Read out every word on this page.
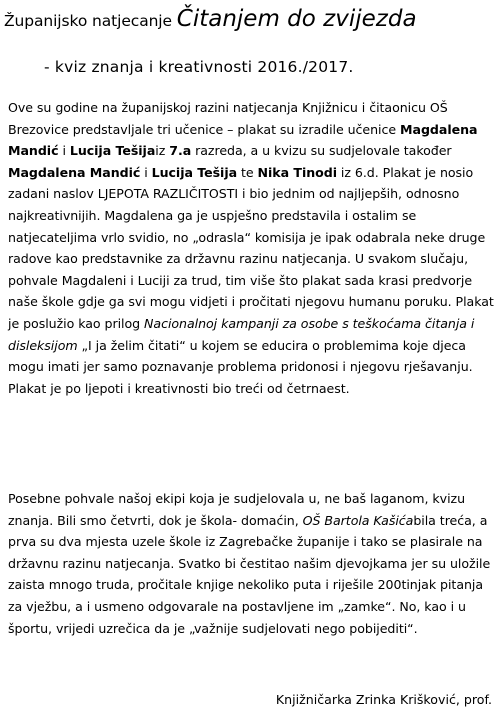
Županijsko natjecanje Čitanjem do zvijezda
- kviz znanja i kreativnosti 2016./2017.

Ove su godine na županijskoj razini natjecanja Knjižnicu i čitaonicu OŠ Brezovice predstavljale tri učenice – plakat su izradile učenice Magdalena Mandić i Lucija Tešijaiz 7.a razreda, a u kvizu su sudjelovale također Magdalena Mandić i Lucija Tešija te Nika Tinodi iz 6.d. Plakat je nosio zadani naslov LJEPOTA RAZLIČITOSTI i bio jednim od najljepših, odnosno najkreativnijih. Magdalena ga je uspješno predstavila i ostalim se natjecateljima vrlo svidio, no „odrasla“ komisija je ipak odabrala neke druge radove kao predstavnike za državnu razinu natjecanja. U svakom slučaju, pohvale Magdaleni i Luciji za trud, tim više što plakat sada krasi predvorje naše škole gdje ga svi mogu vidjeti i pročitati njegovu humanu poruku. Plakat je poslužio kao prilog Nacionalnoj kampanji za osobe s teškoćama čitanja i disleksijom „I ja želim čitati“ u kojem se educira o problemima koje djeca mogu imati jer samo poznavanje problema pridonosi i njegovu rješavanju. Plakat je po ljepoti i kreativnosti bio treći od četrnaest.

Posebne pohvale našoj ekipi koja je sudjelovala u, ne baš laganom, kvizu znanja. Bili smo četvrti, dok je škola- domaćin, OŠ Bartola Kašićabila treća, a prva su dva mjesta uzele škole iz Zagrebačke županije i tako se plasirale na državnu razinu natjecanja. Svatko bi čestitao našim djevojkama jer su uložile zaista mnogo truda, pročitale knjige nekoliko puta i riješile 200tinjak pitanja za vježbu, a i usmeno odgovarale na postavljene im „zamke“. No, kao i u športu, vrijedi uzrečica da je „važnije sudjelovati nego pobijediti“.

Knjižničarka Zrinka Krišković, prof.
